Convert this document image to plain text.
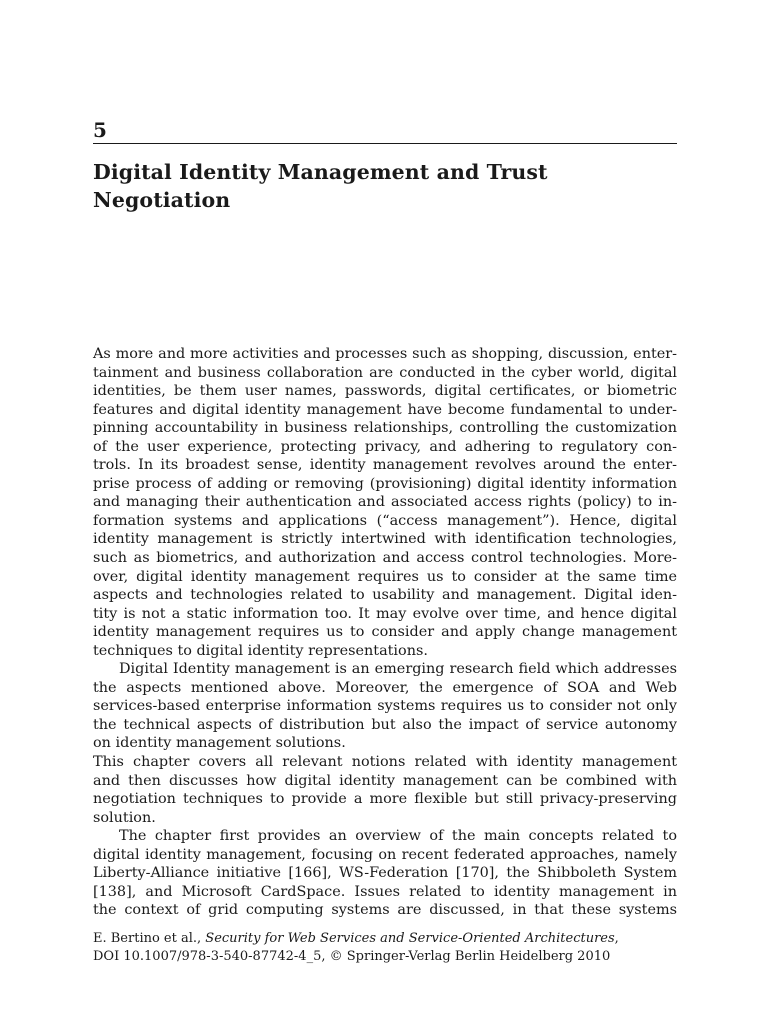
5
Digital Identity Management and Trust
Negotiation

As more and more activities and processes such as shopping, discussion, enter-
tainment and business collaboration are conducted in the cyber world, digital
identities, be them user names, passwords, digital certificates, or biometric
features and digital identity management have become fundamental to under-
pinning accountability in business relationships, controlling the customization
of the user experience, protecting privacy, and adhering to regulatory con-
trols. In its broadest sense, identity management revolves around the enter-
prise process of adding or removing (provisioning) digital identity information
and managing their authentication and associated access rights (policy) to in-
formation systems and applications (“access management”). Hence, digital
identity management is strictly intertwined with identification technologies,
such as biometrics, and authorization and access control technologies. More-
over, digital identity management requires us to consider at the same time
aspects and technologies related to usability and management. Digital iden-
tity is not a static information too. It may evolve over time, and hence digital
identity management requires us to consider and apply change management
techniques to digital identity representations.

Digital Identity management is an emerging research field which addresses
the aspects mentioned above. Moreover, the emergence of SOA and Web
services-based enterprise information systems requires us to consider not only
the technical aspects of distribution but also the impact of service autonomy
on identity management solutions.

This chapter covers all relevant notions related with identity management
and then discusses how digital identity management can be combined with
negotiation techniques to provide a more flexible but still privacy-preserving
solution.

The chapter first provides an overview of the main concepts related to
digital identity management, focusing on recent federated approaches, namely
Liberty-Alliance initiative [166], WS-Federation [170], the Shibboleth System
[138], and Microsoft CardSpace. Issues related to identity management in
the context of grid computing systems are discussed, in that these systems

E. Bertino et al., Security for Web Services and Service-Oriented Architectures,
DOI 10.1007/978-3-540-87742-4_5, © Springer-Verlag Berlin Heidelberg 2010
